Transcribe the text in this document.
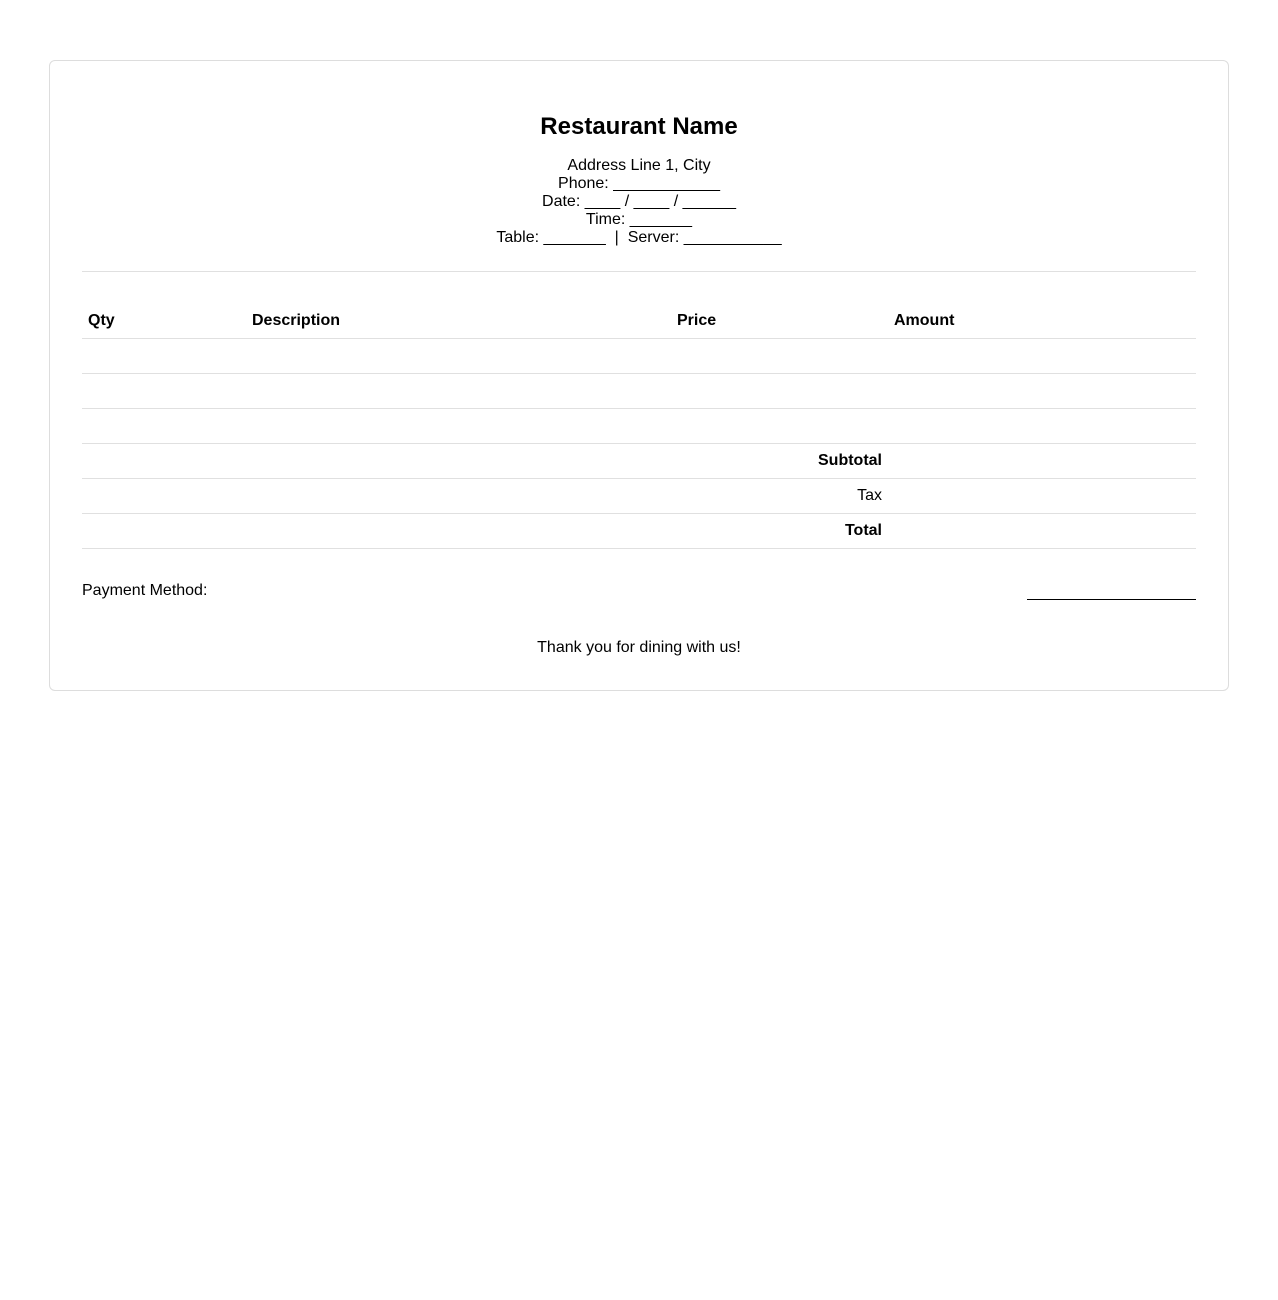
Restaurant Name
Address Line 1, City
Phone: ____________
Date: ____ / ____ / ______
Time: _______
Table: _______  |  Server: ___________
Qty	Description	Price	Amount

Subtotal			
Tax			
Total			
Payment Method:
Thank you for dining with us!
